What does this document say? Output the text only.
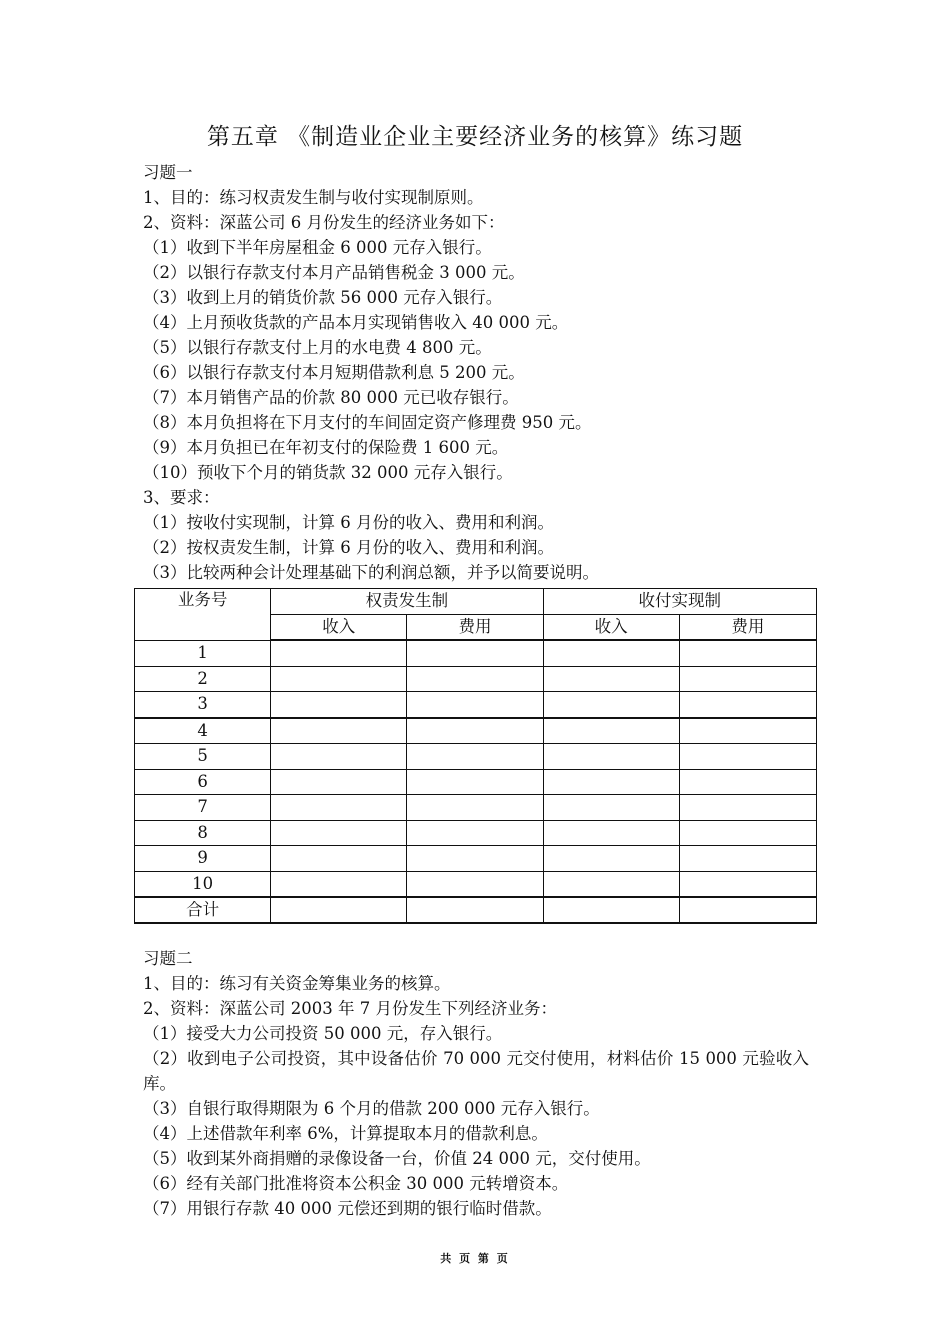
第五章 《制造业企业主要经济业务的核算》练习题
习题一
1、目的：练习权责发生制与收付实现制原则。
2、资料：深蓝公司 6 月份发生的经济业务如下：
（1）收到下半年房屋租金 6 000 元存入银行。
（2）以银行存款支付本月产品销售税金 3 000 元。
（3）收到上月的销货价款 56 000 元存入银行。
（4）上月预收货款的产品本月实现销售收入 40 000 元。
（5）以银行存款支付上月的水电费 4 800 元。
（6）以银行存款支付本月短期借款利息 5 200 元。
（7）本月销售产品的价款 80 000 元已收存银行。
（8）本月负担将在下月支付的车间固定资产修理费 950 元。
（9）本月负担已在年初支付的保险费 1 600 元。
（10）预收下个月的销货款 32 000 元存入银行。
3、要求：
（1）按收付实现制，计算 6 月份的收入、费用和利润。
（2）按权责发生制，计算 6 月份的收入、费用和利润。
（3）比较两种会计处理基础下的利润总额，并予以简要说明。
业务号	权责发生制		收付实现制	
	收入	费用	收入	费用
1				
2				
3				
4				
5				
6				
7				
8				
9				
10				
合计				
习题二
1、目的：练习有关资金筹集业务的核算。
2、资料：深蓝公司 2003 年 7 月份发生下列经济业务：
（1）接受大力公司投资 50 000 元，存入银行。
（2）收到电子公司投资，其中设备估价 70 000 元交付使用，材料估价 15 000 元验收入库。
（3）自银行取得期限为 6 个月的借款 200 000 元存入银行。
（4）上述借款年利率 6%，计算提取本月的借款利息。
（5）收到某外商捐赠的录像设备一台，价值 24 000 元，交付使用。
（6）经有关部门批准将资本公积金 30 000 元转增资本。
（7）用银行存款 40 000 元偿还到期的银行临时借款。
共 页 第 页
